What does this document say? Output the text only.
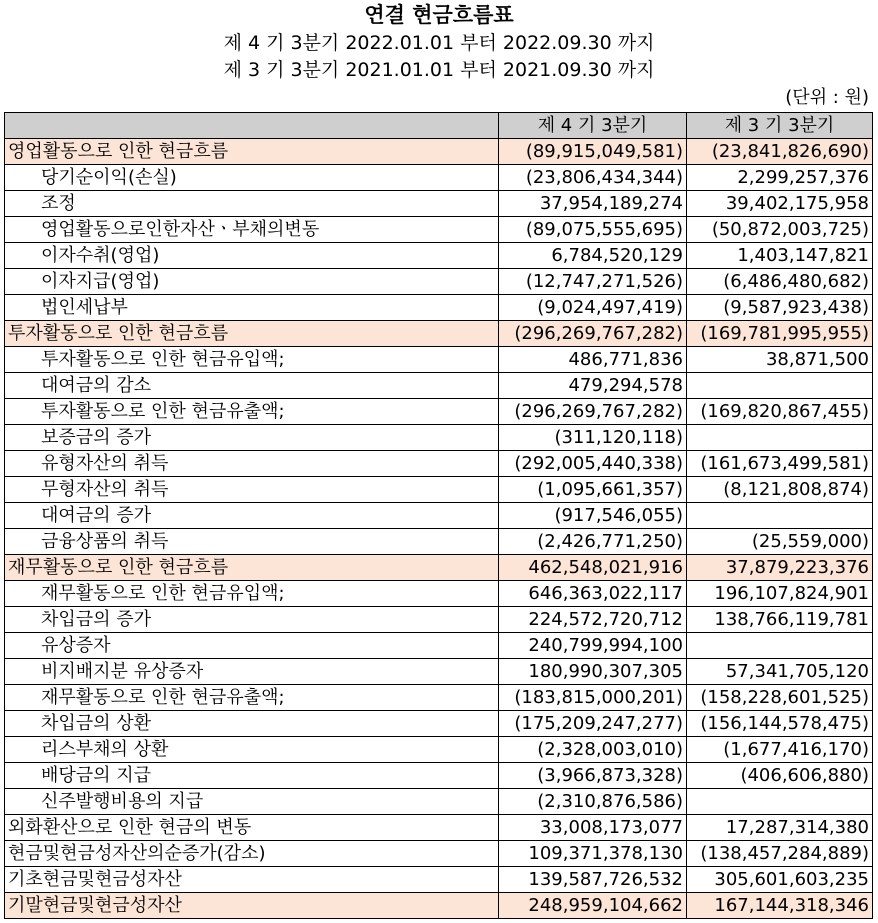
연결 현금흐름표
제 4 기 3분기 2022.01.01 부터 2022.09.30 까지
제 3 기 3분기 2021.01.01 부터 2021.09.30 까지
(단위 : 원)
	제 4 기 3분기	제 3 기 3분기
영업활동으로 인한 현금흐름	(89,915,049,581)	(23,841,826,690)
당기순이익(손실)	(23,806,434,344)	2,299,257,376
조정	37,954,189,274	39,402,175,958
영업활동으로인한자산ㆍ부채의변동	(89,075,555,695)	(50,872,003,725)
이자수취(영업)	6,784,520,129	1,403,147,821
이자지급(영업)	(12,747,271,526)	(6,486,480,682)
법인세납부	(9,024,497,419)	(9,587,923,438)
투자활동으로 인한 현금흐름	(296,269,767,282)	(169,781,995,955)
투자활동으로 인한 현금유입액;	486,771,836	38,871,500
대여금의 감소	479,294,578	
투자활동으로 인한 현금유출액;	(296,269,767,282)	(169,820,867,455)
보증금의 증가	(311,120,118)	
유형자산의 취득	(292,005,440,338)	(161,673,499,581)
무형자산의 취득	(1,095,661,357)	(8,121,808,874)
대여금의 증가	(917,546,055)	
금융상품의 취득	(2,426,771,250)	(25,559,000)
재무활동으로 인한 현금흐름	462,548,021,916	37,879,223,376
재무활동으로 인한 현금유입액;	646,363,022,117	196,107,824,901
차입금의 증가	224,572,720,712	138,766,119,781
유상증자	240,799,994,100	
비지배지분 유상증자	180,990,307,305	57,341,705,120
재무활동으로 인한 현금유출액;	(183,815,000,201)	(158,228,601,525)
차입금의 상환	(175,209,247,277)	(156,144,578,475)
리스부채의 상환	(2,328,003,010)	(1,677,416,170)
배당금의 지급	(3,966,873,328)	(406,606,880)
신주발행비용의 지급	(2,310,876,586)	
외화환산으로 인한 현금의 변동	33,008,173,077	17,287,314,380
현금및현금성자산의순증가(감소)	109,371,378,130	(138,457,284,889)
기초현금및현금성자산	139,587,726,532	305,601,603,235
기말현금및현금성자산	248,959,104,662	167,144,318,346
